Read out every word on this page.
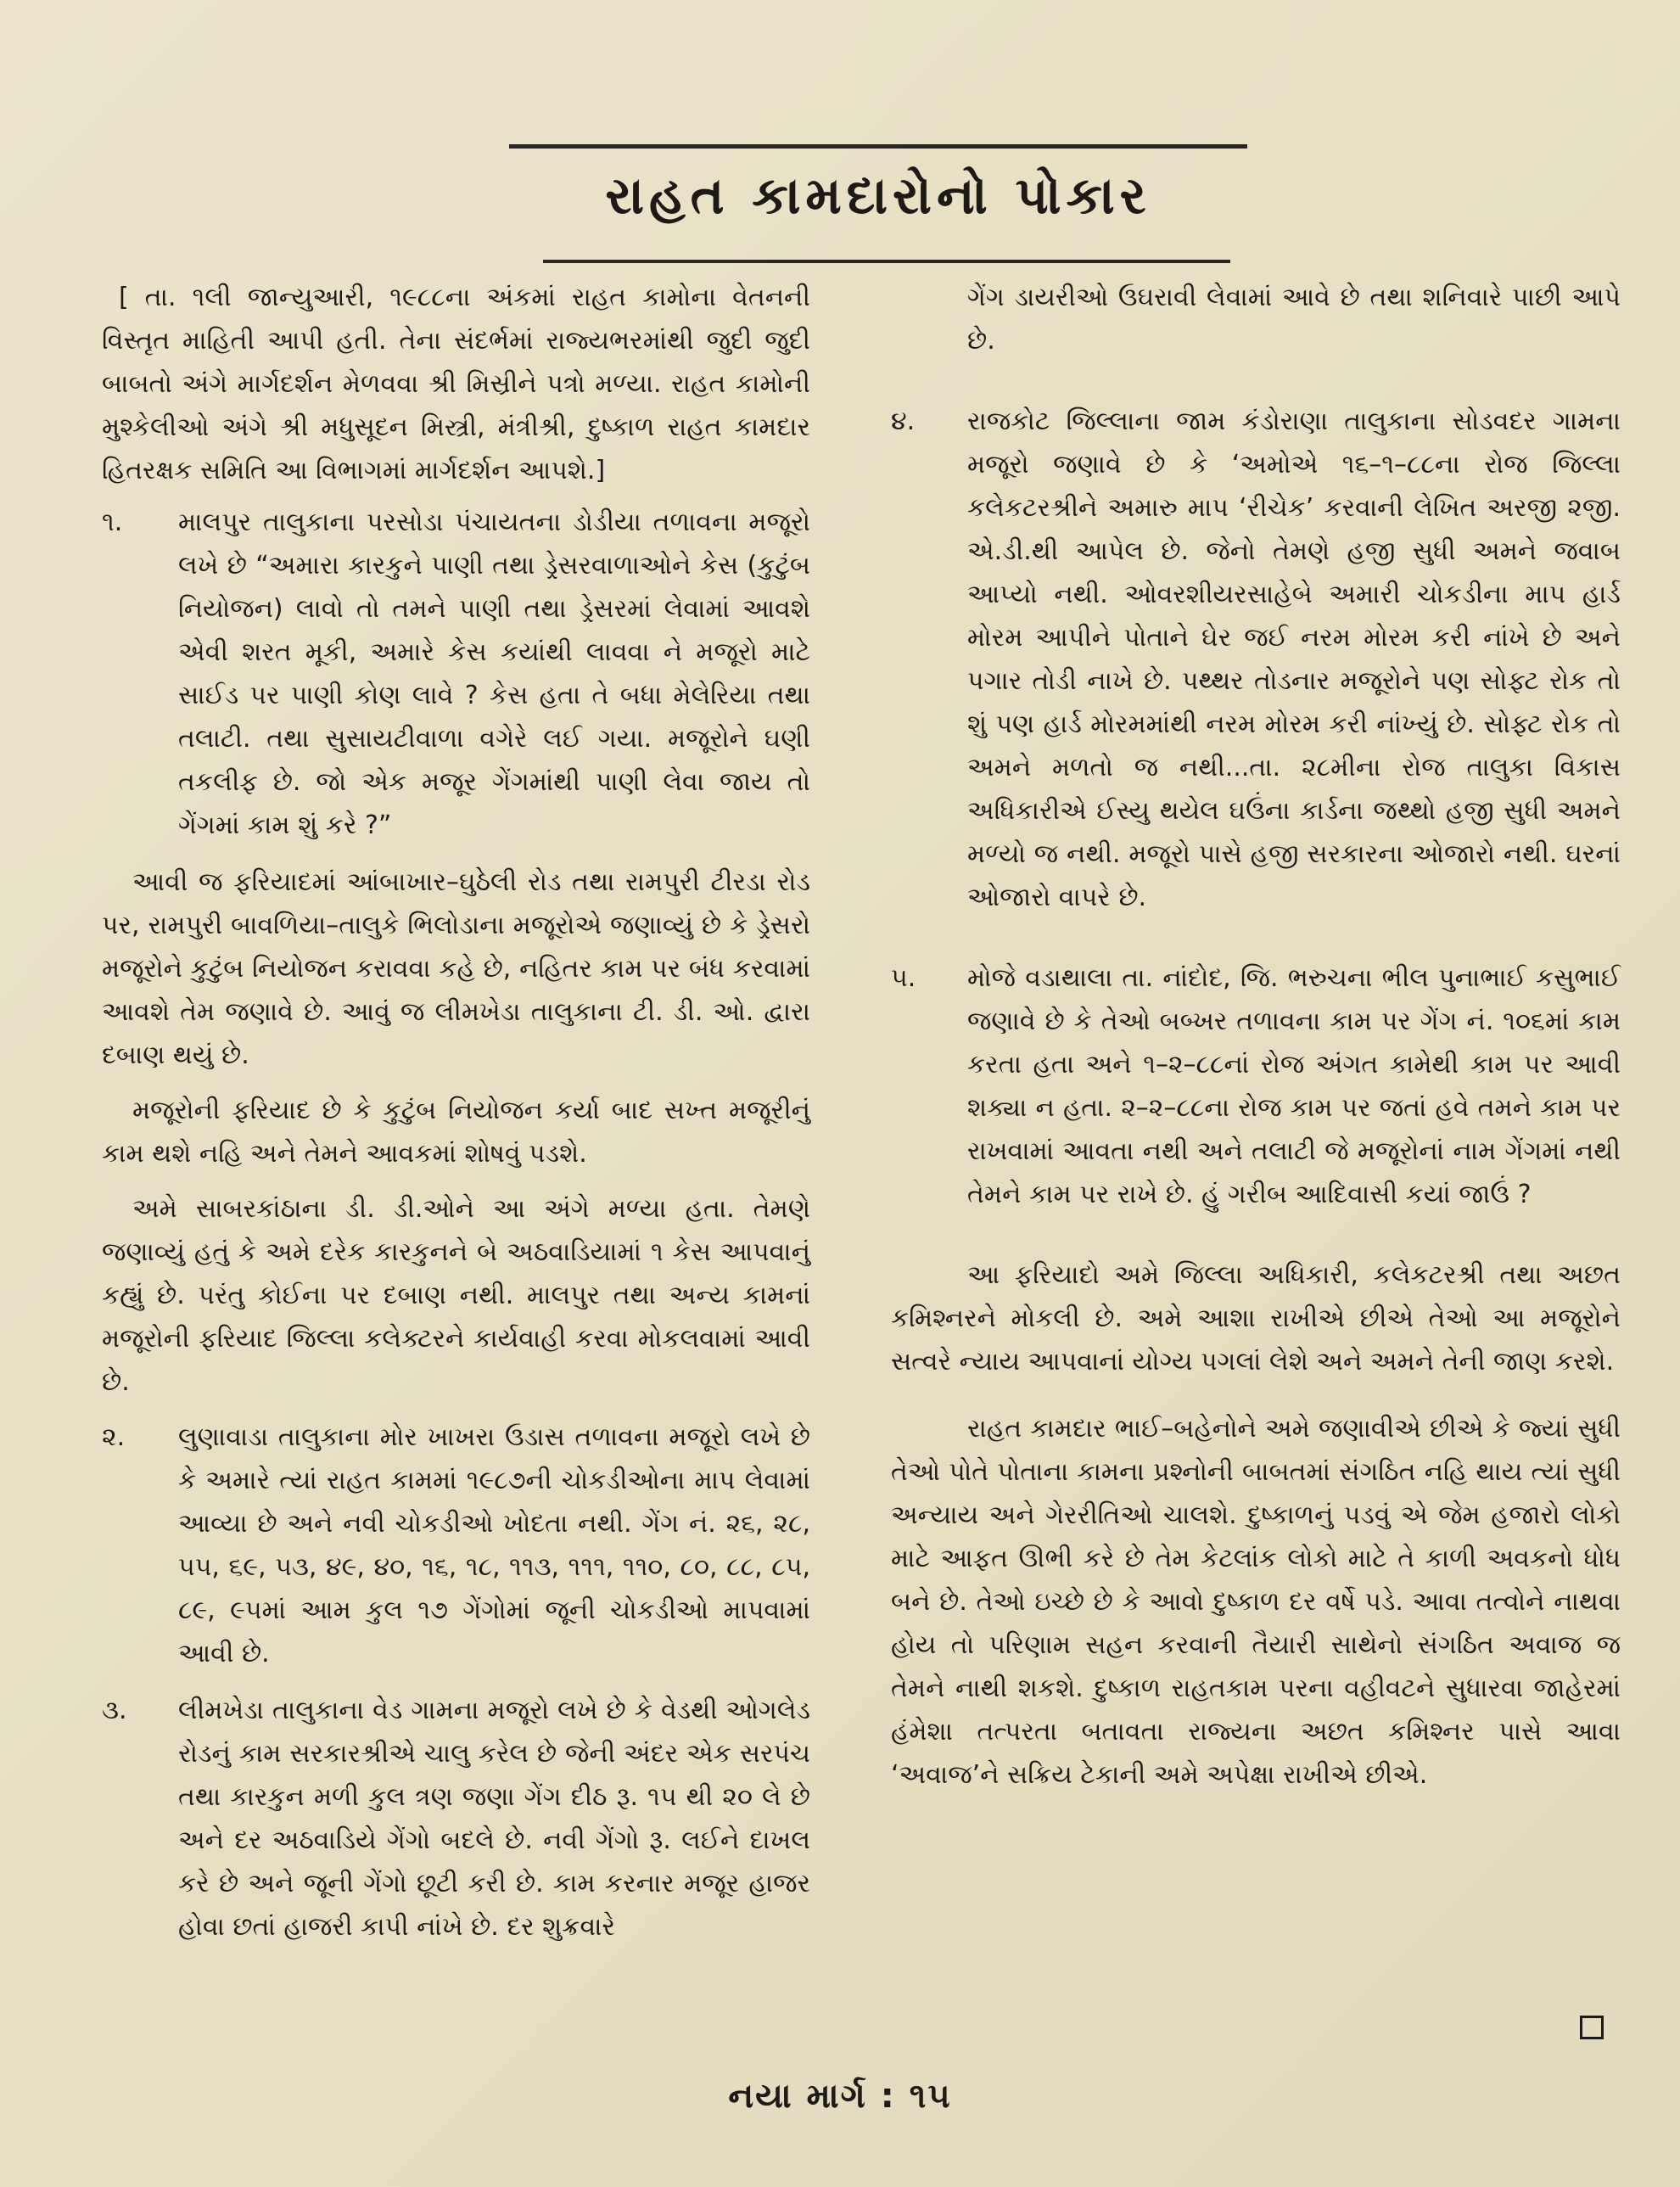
રાહત કામદારોનો પોકાર

[ તા. ૧લી જાન્યુઆરી, ૧૯૮૮ના અંકમાં રાહત કામોના વેતનની વિસ્તૃત માહિતી આપી હતી. તેના સંદર્ભમાં રાજ્યભરમાંથી જુદી જુદી બાબતો અંગે માર્ગદર્શન મેળવવા શ્રી મિસ્રીને પત્રો મળ્યા. રાહત કામોની મુશ્કેલીઓ અંગે શ્રી મધુસૂદન મિસ્ત્રી, મંત્રીશ્રી, દુષ્કાળ રાહત કામદાર હિતરક્ષક સમિતિ આ વિભાગમાં માર્ગદર્શન આપશે.]

૧.	માલપુર તાલુકાના પરસોડા પંચાયતના ડોડીયા તળાવના મજૂરો લખે છે “અમારા કારકુને પાણી તથા ડ્રેસરવાળાઓને કેસ (કુટુંબ નિયોજન) લાવો તો તમને પાણી તથા ડ્રેસરમાં લેવામાં આવશે એવી શરત મૂકી, અમારે કેસ કયાંથી લાવવા ને મજૂરો માટે સાઈડ પર પાણી કોણ લાવે ? કેસ હતા તે બધા મેલેરિયા તથા તલાટી. તથા સુસાયટીવાળા વગેરે લઈ ગયા. મજૂરોને ઘણી તકલીફ છે. જો એક મજૂર ગેંગમાંથી પાણી લેવા જાય તો ગેંગમાં કામ શું કરે ?”

આવી જ ફરિયાદમાં આંબાખાર–ઘુઠેલી રોડ તથા રામપુરી ટીરડા રોડ પર, રામપુરી બાવળિયા–તાલુકે ભિલોડાના મજૂરોએ જણાવ્યું છે કે ડ્રેસરો મજૂરોને કુટુંબ નિયોજન કરાવવા કહે છે, નહિતર કામ પર બંધ કરવામાં આવશે તેમ જણાવે છે. આવું જ લીમખેડા તાલુકાના ટી. ડી. ઓ. દ્વારા દબાણ થયું છે.

મજૂરોની ફરિયાદ છે કે કુટુંબ નિયોજન કર્યા બાદ સખ્ત મજૂરીનું કામ થશે નહિ અને તેમને આવકમાં શોષવું પડશે.

અમે સાબરકાંઠાના ડી. ડી.ઓને આ અંગે મળ્યા હતા. તેમણે જણાવ્યું હતું કે અમે દરેક કારકુનને બે અઠવાડિયામાં ૧ કેસ આપવાનું કહ્યું છે. પરંતુ કોઈના પર દબાણ નથી. માલપુર તથા અન્ય કામનાં મજૂરોની ફરિયાદ જિલ્લા કલેક્ટરને કાર્યવાહી કરવા મોકલવામાં આવી છે.

૨.	લુણાવાડા તાલુકાના મોર ખાખરા ઉડાસ તળાવના મજૂરો લખે છે કે અમારે ત્યાં રાહત કામમાં ૧૯૮૭ની ચોકડીઓના માપ લેવામાં આવ્યા છે અને નવી ચોકડીઓ ખોદતા નથી. ગેંગ નં. ૨૬, ૨૮, ૫૫, ૬૯, ૫૩, ૪૯, ૪૦, ૧૬, ૧૮, ૧૧૩, ૧૧૧, ૧૧૦, ૮૦, ૮૮, ૮૫, ૮૯, ૯૫માં આમ કુલ ૧૭ ગેંગોમાં જૂની ચોકડીઓ માપવામાં આવી છે.

૩.	લીમખેડા તાલુકાના વેડ ગામના મજૂરો લખે છે કે વેડથી ઓગલેડ રોડનું કામ સરકારશ્રીએ ચાલુ કરેલ છે જેની અંદર એક સરપંચ તથા કારકુન મળી કુલ ત્રણ જણા ગેંગ દીઠ રૂ. ૧૫ થી ૨૦ લે છે અને દર અઠવાડિયે ગેંગો બદલે છે. નવી ગેંગો રૂ. લઈને દાખલ કરે છે અને જૂની ગેંગો છૂટી કરી છે. કામ કરનાર મજૂર હાજર હોવા છતાં હાજરી કાપી નાંખે છે. દર શુક્રવારે

ગેંગ ડાયરીઓ ઉઘરાવી લેવામાં આવે છે તથા શનિવારે પાછી આપે છે.

૪.	રાજકોટ જિલ્લાના જામ કંડોરાણા તાલુકાના સોડવદર ગામના મજૂરો જણાવે છે કે ‘અમોએ ૧૬–૧–૮૮ના રોજ જિલ્લા કલેકટરશ્રીને અમારુ માપ ‘રીચેક’ કરવાની લેખિત અરજી ૨જી. એ.ડી.થી આપેલ છે. જેનો તેમણે હજી સુધી અમને જવાબ આપ્યો નથી. ઓવરશીયરસાહેબે અમારી ચોકડીના માપ હાર્ડ મોરમ આપીને પોતાને ઘેર જઈ નરમ મોરમ કરી નાંખે છે અને પગાર તોડી નાખે છે. પથ્થર તોડનાર મજૂરોને પણ સોફ્ટ રોક તો શું પણ હાર્ડ મોરમમાંથી નરમ મોરમ કરી નાંખ્યું છે. સોફ્ટ રોક તો અમને મળતો જ નથી...તા. ૨૮મીના રોજ તાલુકા વિકાસ અધિકારીએ ઈસ્યુ થયેલ ઘઉંના કાર્ડના જથ્થો હજી સુધી અમને મળ્યો જ નથી. મજૂરો પાસે હજી સરકારના ઓજારો નથી. ઘરનાં ઓજારો વાપરે છે.

૫.	મોજે વડાથાલા તા. નાંદોદ, જિ. ભરુચના ભીલ પુનાભાઈ કસુભાઈ જણાવે છે કે તેઓ બબ્ખર તળાવના કામ પર ગેંગ નં. ૧૦૬માં કામ કરતા હતા અને ૧–૨–૮૮નાં રોજ અંગત કામેથી કામ પર આવી શક્યા ન હતા. ૨–૨–૮૮ના રોજ કામ પર જતાં હવે તમને કામ પર રાખવામાં આવતા નથી અને તલાટી જે મજૂરોનાં નામ ગેંગમાં નથી તેમને કામ પર રાખે છે. હું ગરીબ આદિવાસી કયાં જાઉં ?

આ ફરિયાદો અમે જિલ્લા અધિકારી, કલેકટરશ્રી તથા અછત કમિશ્નરને મોકલી છે. અમે આશા રાખીએ છીએ તેઓ આ મજૂરોને સત્વરે ન્યાય આપવાનાં યોગ્ય પગલાં લેશે અને અમને તેની જાણ કરશે.

રાહત કામદાર ભાઈ–બહેનોને અમે જણાવીએ છીએ કે જ્યાં સુધી તેઓ પોતે પોતાના કામના પ્રશ્નોની બાબતમાં સંગઠિત નહિ થાય ત્યાં સુધી અન્યાય અને ગેરરીતિઓ ચાલશે. દુષ્કાળનું પડવું એ જેમ હજારો લોકો માટે આફત ઊભી કરે છે તેમ કેટલાંક લોકો માટે તે કાળી અવકનો ધોધ બને છે. તેઓ ઇચ્છે છે કે આવો દુષ્કાળ દર વર્ષે પડે. આવા તત્વોને નાથવા હોય તો પરિણામ સહન કરવાની તૈયારી સાથેનો સંગઠિત અવાજ જ તેમને નાથી શકશે. દુષ્કાળ રાહતકામ પરના વહીવટને સુધારવા જાહેરમાં હંમેશા તત્પરતા બતાવતા રાજ્યના અછત કમિશ્નર પાસે આવા ‘અવાજ’ને સક્રિય ટેકાની અમે અપેક્ષા રાખીએ છીએ.

નયા માર્ગ : ૧૫
